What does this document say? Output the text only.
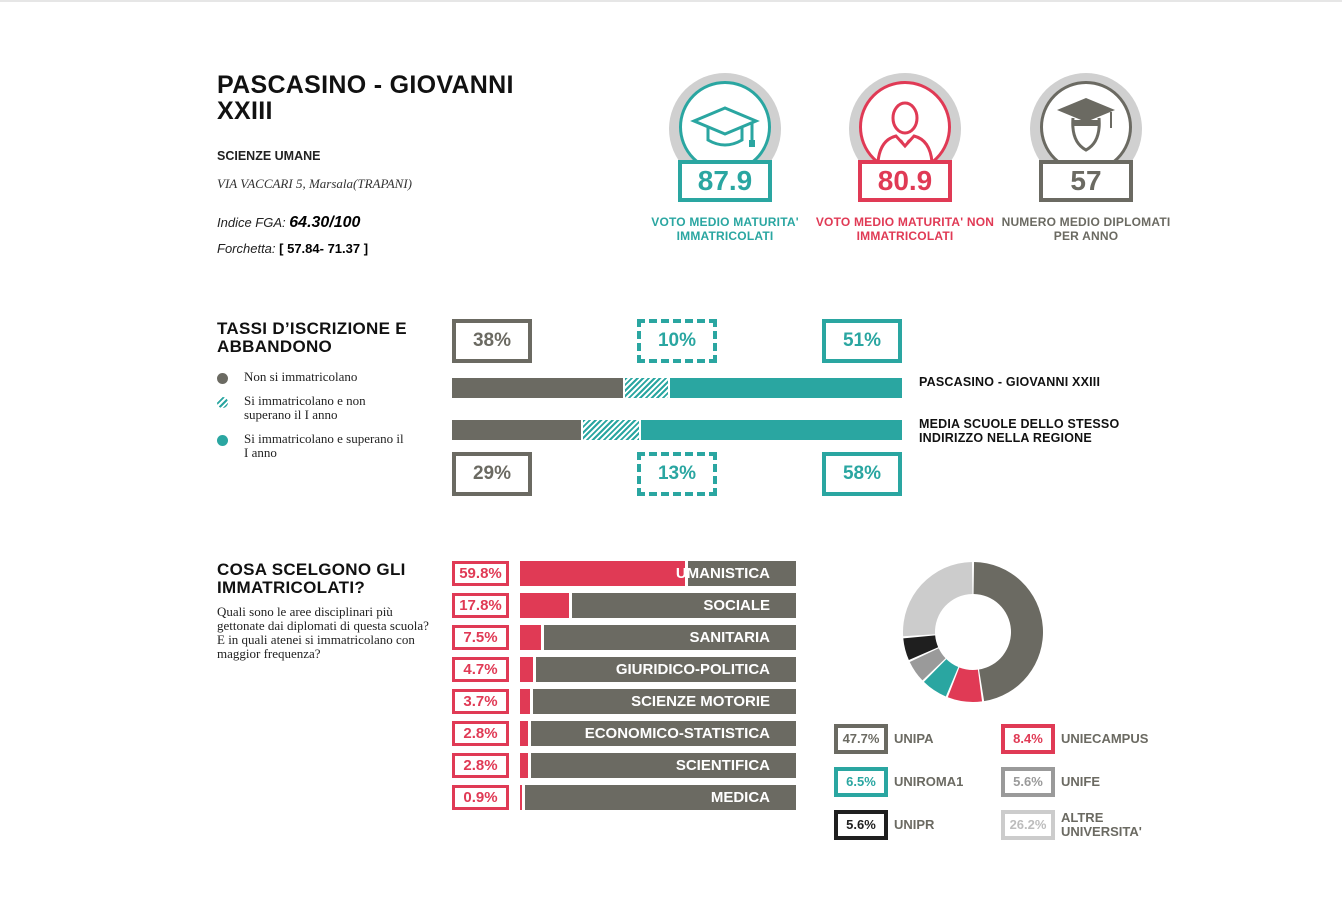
PASCASINO - GIOVANNI XXIII
SCIENZE UMANE
VIA VACCARI 5, Marsala(TRAPANI)
Indice FGA: 64.30/100
Forchetta: [ 57.84- 71.37 ]
87.9
VOTO MEDIO MATURITA' IMMATRICOLATI
80.9
VOTO MEDIO MATURITA' NON IMMATRICOLATI
57
NUMERO MEDIO DIPLOMATI PER ANNO
TASSI D’ISCRIZIONE E ABBANDONO
Non si immatricolano
Si immatricolano e non superano il I anno
Si immatricolano e superano il I anno
38%	10%	51%
PASCASINO - GIOVANNI XXIII
MEDIA SCUOLE DELLO STESSO INDIRIZZO NELLA REGIONE
29%	13%	58%
COSA SCELGONO GLI IMMATRICOLATI?
Quali sono le aree disciplinari più gettonate dai diplomati di questa scuola? E in quali atenei si immatricolano con maggior frequenza?
59.8%	UMANISTICA
17.8%	SOCIALE
7.5%	SANITARIA
4.7%	GIURIDICO-POLITICA
3.7%	SCIENZE MOTORIE
2.8%	ECONOMICO-STATISTICA
2.8%	SCIENTIFICA
0.9%	MEDICA
47.7%	UNIPA	8.4%	UNIECAMPUS
6.5%	UNIROMA1	5.6%	UNIFE
5.6%	UNIPR	26.2%	ALTRE UNIVERSITA'
